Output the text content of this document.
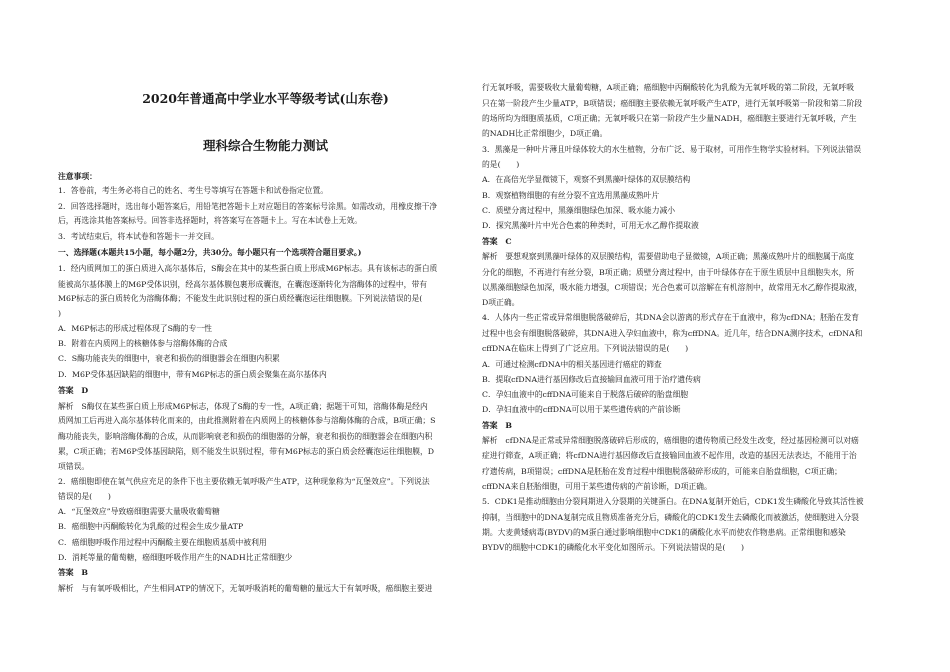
2020年普通高中学业水平等级考试(山东卷)
理科综合生物能力测试
注意事项：
1．答卷前，考生务必将自己的姓名、考生号等填写在答题卡和试卷指定位置。
2．回答选择题时，选出每小题答案后，用铅笔把答题卡上对应题目的答案标号涂黑。如需改动，用橡皮擦干净
后，再选涂其他答案标号。回答非选择题时，将答案写在答题卡上。写在本试卷上无效。
3．考试结束后，将本试卷和答题卡一并交回。
一、选择题(本题共15小题，每小题2分，共30分。每小题只有一个选项符合题目要求。)
1．经内质网加工的蛋白质进入高尔基体后，S酶会在其中的某些蛋白质上形成M6P标志。具有该标志的蛋白质
能被高尔基体膜上的M6P受体识别，经高尔基体膜包裹形成囊泡，在囊泡逐渐转化为溶酶体的过程中，带有
M6P标志的蛋白质转化为溶酶体酶；不能发生此识别过程的蛋白质经囊泡运往细胞膜。下列说法错误的是(
)
A．M6P标志的形成过程体现了S酶的专一性
B．附着在内质网上的核糖体参与溶酶体酶的合成
C．S酶功能丧失的细胞中，衰老和损伤的细胞器会在细胞内积累
D．M6P受体基因缺陷的细胞中，带有M6P标志的蛋白质会聚集在高尔基体内
答案　D
解析　S酶仅在某些蛋白质上形成M6P标志，体现了S酶的专一性，A项正确；据题干可知，溶酶体酶是经内
质网加工后再进入高尔基体转化而来的，由此推测附着在内质网上的核糖体参与溶酶体酶的合成，B项正确；S
酶功能丧失，影响溶酶体酶的合成，从而影响衰老和损伤的细胞器的分解，衰老和损伤的细胞器会在细胞内积
累，C项正确；若M6P受体基因缺陷，则不能发生识别过程，带有M6P标志的蛋白质会经囊泡运往细胞膜，D
项错误。
2．癌细胞即使在氧气供应充足的条件下也主要依赖无氧呼吸产生ATP，这种现象称为“瓦堡效应”。下列说法
错误的是(　　)
A．“瓦堡效应”导致癌细胞需要大量吸收葡萄糖
B．癌细胞中丙酮酸转化为乳酸的过程会生成少量ATP
C．癌细胞呼吸作用过程中丙酮酸主要在细胞质基质中被利用
D．消耗等量的葡萄糖，癌细胞呼吸作用产生的NADH比正常细胞少
答案　B
解析　与有氧呼吸相比，产生相同ATP的情况下，无氧呼吸消耗的葡萄糖的量远大于有氧呼吸，癌细胞主要进
行无氧呼吸，需要吸收大量葡萄糖，A项正确；癌细胞中丙酮酸转化为乳酸为无氧呼吸的第二阶段，无氧呼吸
只在第一阶段产生少量ATP，B项错误；癌细胞主要依赖无氧呼吸产生ATP，进行无氧呼吸第一阶段和第二阶段
的场所均为细胞质基质，C项正确；无氧呼吸只在第一阶段产生少量NADH，癌细胞主要进行无氧呼吸，产生
的NADH比正常细胞少，D项正确。
3．黑藻是一种叶片薄且叶绿体较大的水生植物，分布广泛、易于取材，可用作生物学实验材料。下列说法错误
的是(　　)
A．在高倍光学显微镜下，观察不到黑藻叶绿体的双层膜结构
B．观察植物细胞的有丝分裂不宜选用黑藻成熟叶片
C．质壁分离过程中，黑藻细胞绿色加深、吸水能力减小
D．探究黑藻叶片中光合色素的种类时，可用无水乙醇作提取液
答案　C
解析　要想观察到黑藻叶绿体的双层膜结构，需要借助电子显微镜，A项正确；黑藻成熟叶片的细胞属于高度
分化的细胞，不再进行有丝分裂，B项正确；质壁分离过程中，由于叶绿体存在于原生质层中且细胞失水，所
以黑藻细胞绿色加深，吸水能力增强，C项错误；光合色素可以溶解在有机溶剂中，故常用无水乙醇作提取液，
D项正确。
4．人体内一些正常或异常细胞脱落破碎后，其DNA会以游离的形式存在于血液中，称为cfDNA；胚胎在发育
过程中也会有细胞脱落破碎，其DNA进入孕妇血液中，称为cffDNA。近几年，结合DNA测序技术，cfDNA和
cffDNA在临床上得到了广泛应用。下列说法错误的是(　　)
A．可通过检测cfDNA中的相关基因进行癌症的筛查
B．提取cfDNA进行基因修改后直接输回血液可用于治疗遗传病
C．孕妇血液中的cffDNA可能来自于脱落后破碎的胎盘细胞
D．孕妇血液中的cffDNA可以用于某些遗传病的产前诊断
答案　B
解析　cfDNA是正常或异常细胞脱落破碎后形成的，癌细胞的遗传物质已经发生改变，经过基因检测可以对癌
症进行筛查，A项正确；将cfDNA进行基因修改后直接输回血液不起作用，改造的基因无法表达，不能用于治
疗遗传病，B项错误；cffDNA是胚胎在发育过程中细胞脱落破碎形成的，可能来自胎盘细胞，C项正确；
cffDNA来自胚胎细胞，可用于某些遗传病的产前诊断，D项正确。
5．CDK1是推动细胞由分裂间期进入分裂期的关键蛋白。在DNA复制开始后，CDK1发生磷酸化导致其活性被
抑制，当细胞中的DNA复制完成且物质准备充分后，磷酸化的CDK1发生去磷酸化而被激活，使细胞进入分裂
期。大麦黄矮病毒(BYDV)的M蛋白通过影响细胞中CDK1的磷酸化水平而使农作物患病。正常细胞和感染
BYDV的细胞中CDK1的磷酸化水平变化如图所示。下列说法错误的是(　　)
